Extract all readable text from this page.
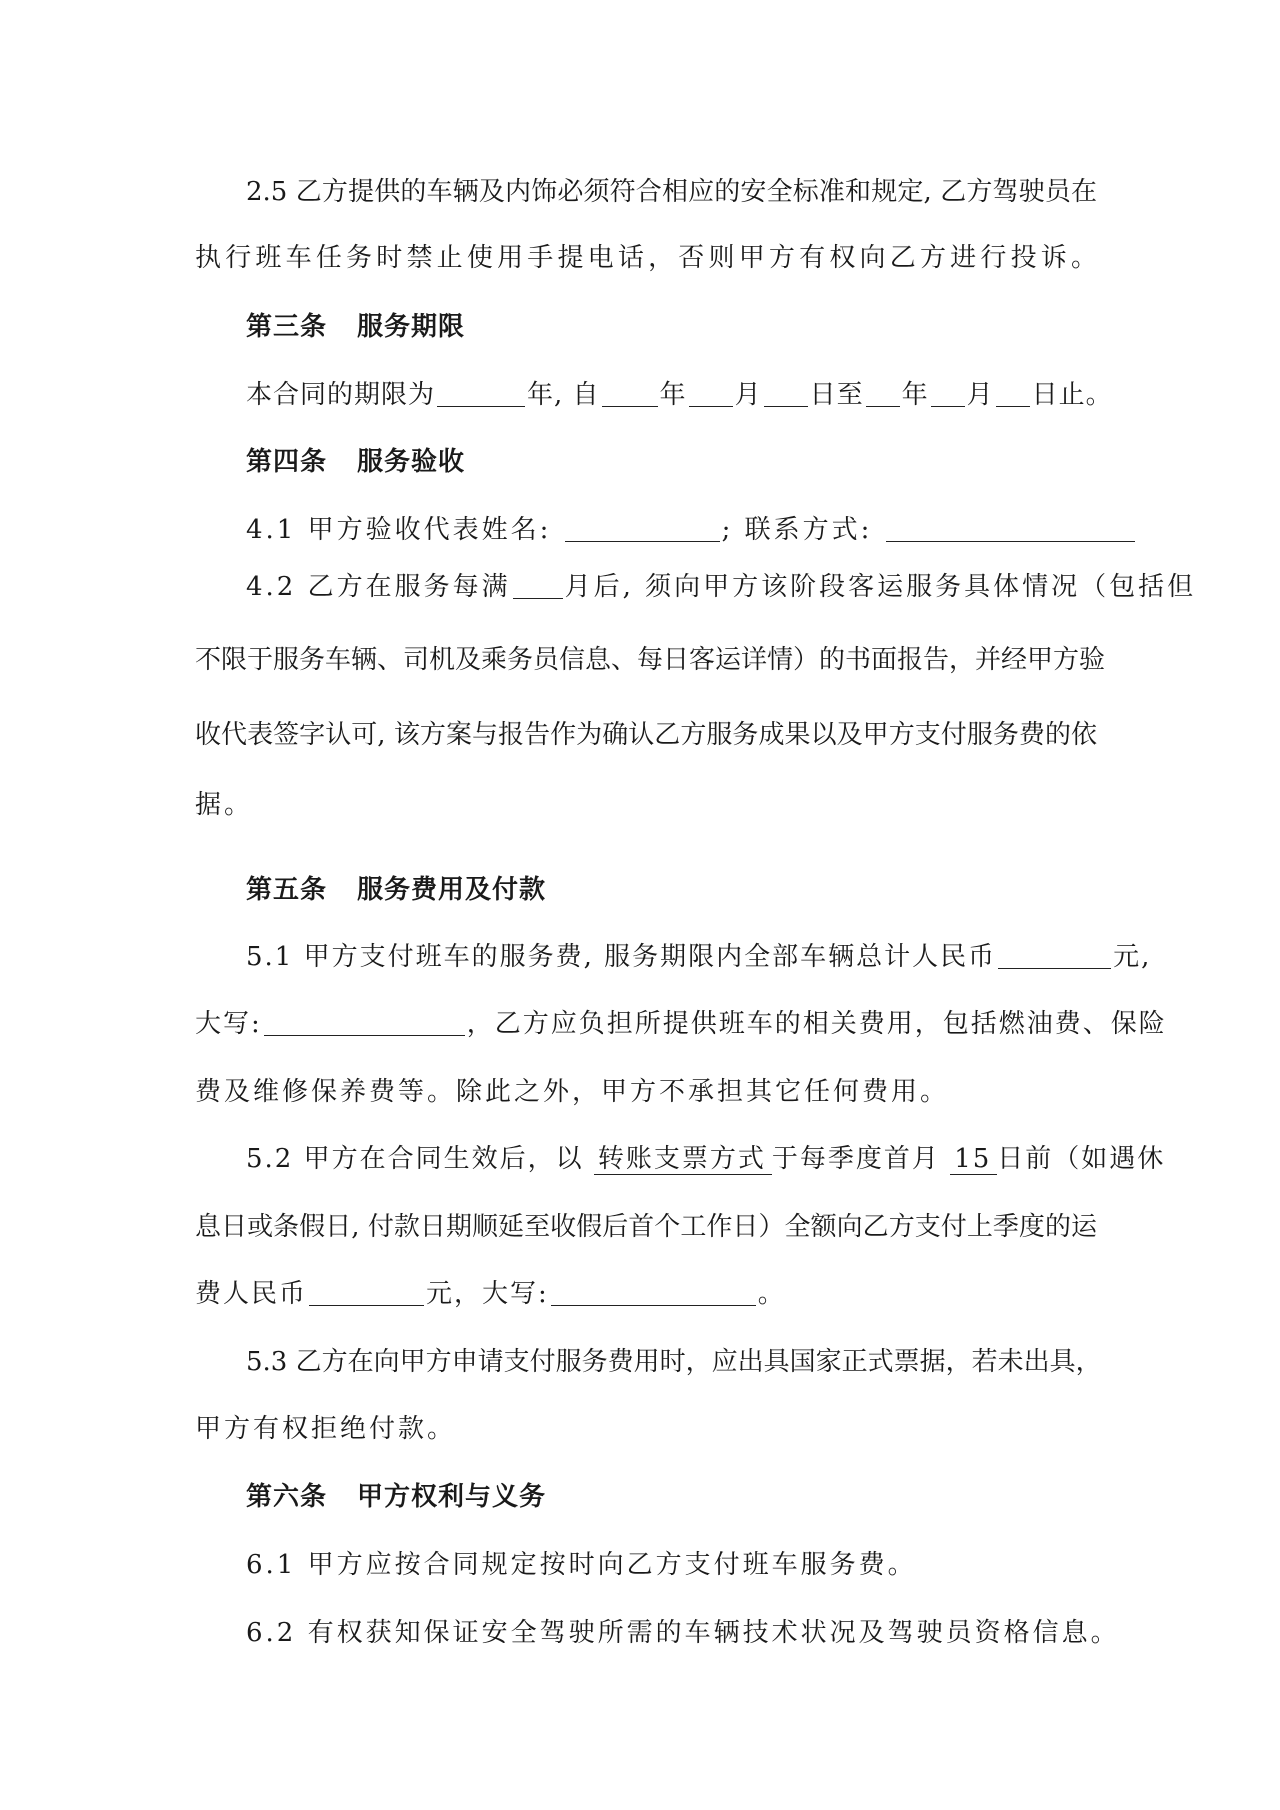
2.5 乙方提供的车辆及内饰必须符合相应的安全标准和规定, 乙方驾驶员在
执行班车任务时禁止使用手提电话，否则甲方有权向乙方进行投诉。
第三条 服务期限
本合同的期限为	年, 自 年 月 日至 年 月 日止。
第四条 服务验收
4.1 甲方验收代表姓名:	; 联系方式:
4.2 乙方在服务每满 月后, 须向甲方该阶段客运服务具体情况（包括但
不限于服务车辆、司机及乘务员信息、每日客运详情）的书面报告，并经甲方验
收代表签字认可, 该方案与报告作为确认乙方服务成果以及甲方支付服务费的依
据。
第五条 服务费用及付款
5.1 甲方支付班车的服务费, 服务期限内全部车辆总计人民币	元,
大写:	，乙方应负担所提供班车的相关费用，包括燃油费、保险
费及维修保养费等。除此之外，甲方不承担其它任何费用。
5.2 甲方在合同生效后，以 转账支票方式 于每季度首月 15 日前（如遇休
息日或条假日, 付款日期顺延至收假后首个工作日）全额向乙方支付上季度的运
费人民币	元，大写:	。
5.3 乙方在向甲方申请支付服务费用时，应出具国家正式票据，若未出具，
甲方有权拒绝付款。
第六条 甲方权利与义务
6.1 甲方应按合同规定按时向乙方支付班车服务费。
6.2 有权获知保证安全驾驶所需的车辆技术状况及驾驶员资格信息。
